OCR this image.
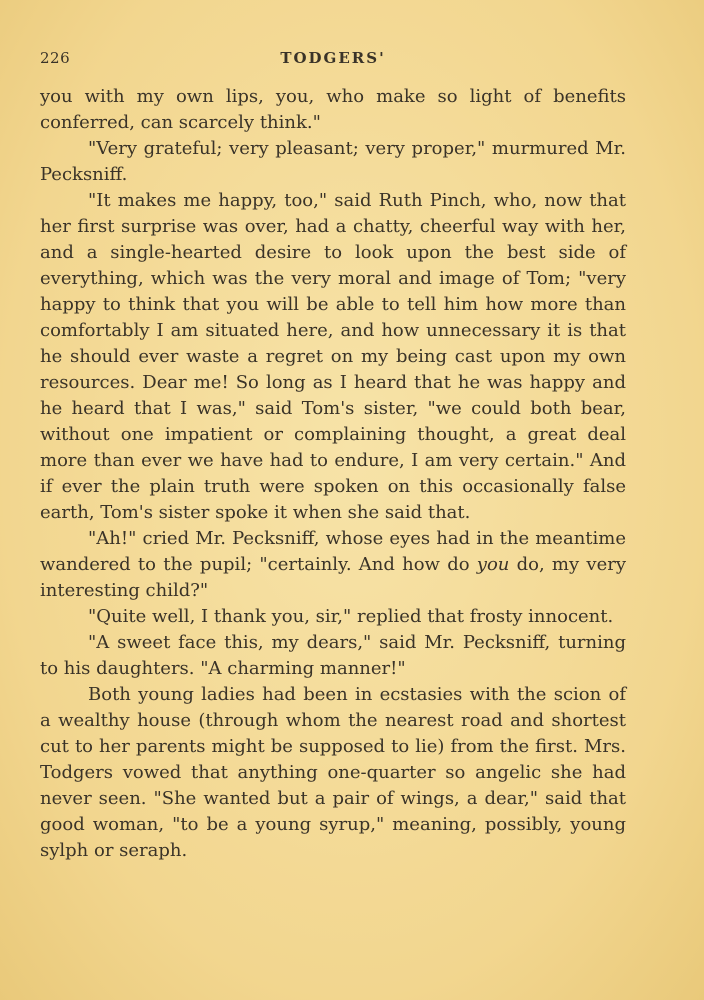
226	TODGERS'

you with my own lips, you, who make so light of benefits conferred, can scarcely think."

"Very grateful; very pleasant; very proper," murmured Mr. Pecksniff.

"It makes me happy, too," said Ruth Pinch, who, now that her first surprise was over, had a chatty, cheerful way with her, and a single-hearted desire to look upon the best side of everything, which was the very moral and image of Tom; "very happy to think that you will be able to tell him how more than comfortably I am situated here, and how unnecessary it is that he should ever waste a regret on my being cast upon my own resources. Dear me! So long as I heard that he was happy and he heard that I was," said Tom's sister, "we could both bear, without one impatient or complaining thought, a great deal more than ever we have had to endure, I am very certain." And if ever the plain truth were spoken on this occasionally false earth, Tom's sister spoke it when she said that.

"Ah!" cried Mr. Pecksniff, whose eyes had in the meantime wandered to the pupil; "certainly. And how do you do, my very interesting child?"

"Quite well, I thank you, sir," replied that frosty innocent.

"A sweet face this, my dears," said Mr. Pecksniff, turning to his daughters. "A charming manner!"

Both young ladies had been in ecstasies with the scion of a wealthy house (through whom the nearest road and shortest cut to her parents might be supposed to lie) from the first. Mrs. Todgers vowed that anything one-quarter so angelic she had never seen. "She wanted but a pair of wings, a dear," said that good woman, "to be a young syrup," meaning, possibly, young sylph or seraph.
